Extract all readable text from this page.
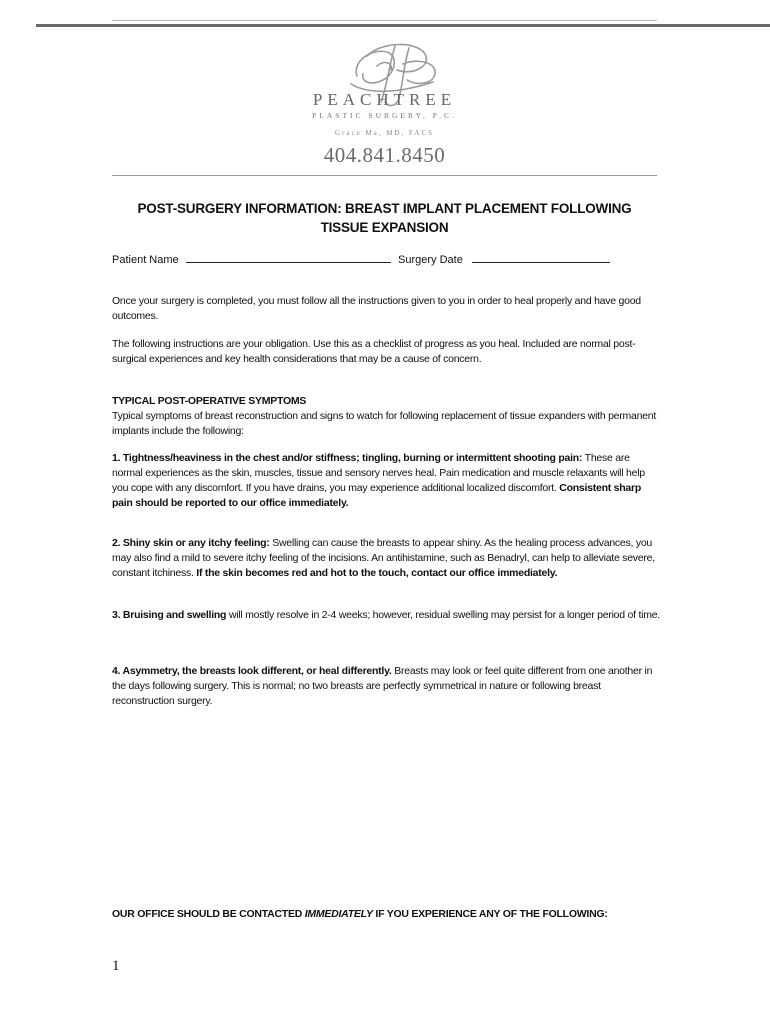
PEACHTREE
PLASTIC SURGERY, P.C.
Grace Ma, MD, FACS
404.841.8450
POST-SURGERY INFORMATION: BREAST IMPLANT PLACEMENT FOLLOWING
TISSUE EXPANSION
Patient Name	Surgery Date
Once your surgery is completed, you must follow all the instructions given to you in order to heal properly and have good outcomes.
The following instructions are your obligation. Use this as a checklist of progress as you heal. Included are normal post-surgical experiences and key health considerations that may be a cause of concern.
TYPICAL POST-OPERATIVE SYMPTOMS
Typical symptoms of breast reconstruction and signs to watch for following replacement of tissue expanders with permanent implants include the following:
1. Tightness/heaviness in the chest and/or stiffness; tingling, burning or intermittent shooting pain: These are normal experiences as the skin, muscles, tissue and sensory nerves heal. Pain medication and muscle relaxants will help you cope with any discomfort. If you have drains, you may experience additional localized discomfort. Consistent sharp pain should be reported to our office immediately.
2. Shiny skin or any itchy feeling: Swelling can cause the breasts to appear shiny. As the healing process advances, you may also find a mild to severe itchy feeling of the incisions. An antihistamine, such as Benadryl, can help to alleviate severe, constant itchiness. If the skin becomes red and hot to the touch, contact our office immediately.
3. Bruising and swelling will mostly resolve in 2-4 weeks; however, residual swelling may persist for a longer period of time.
4. Asymmetry, the breasts look different, or heal differently. Breasts may look or feel quite different from one another in the days following surgery. This is normal; no two breasts are perfectly symmetrical in nature or following breast reconstruction surgery.
OUR OFFICE SHOULD BE CONTACTED IMMEDIATELY IF YOU EXPERIENCE ANY OF THE FOLLOWING:
1
